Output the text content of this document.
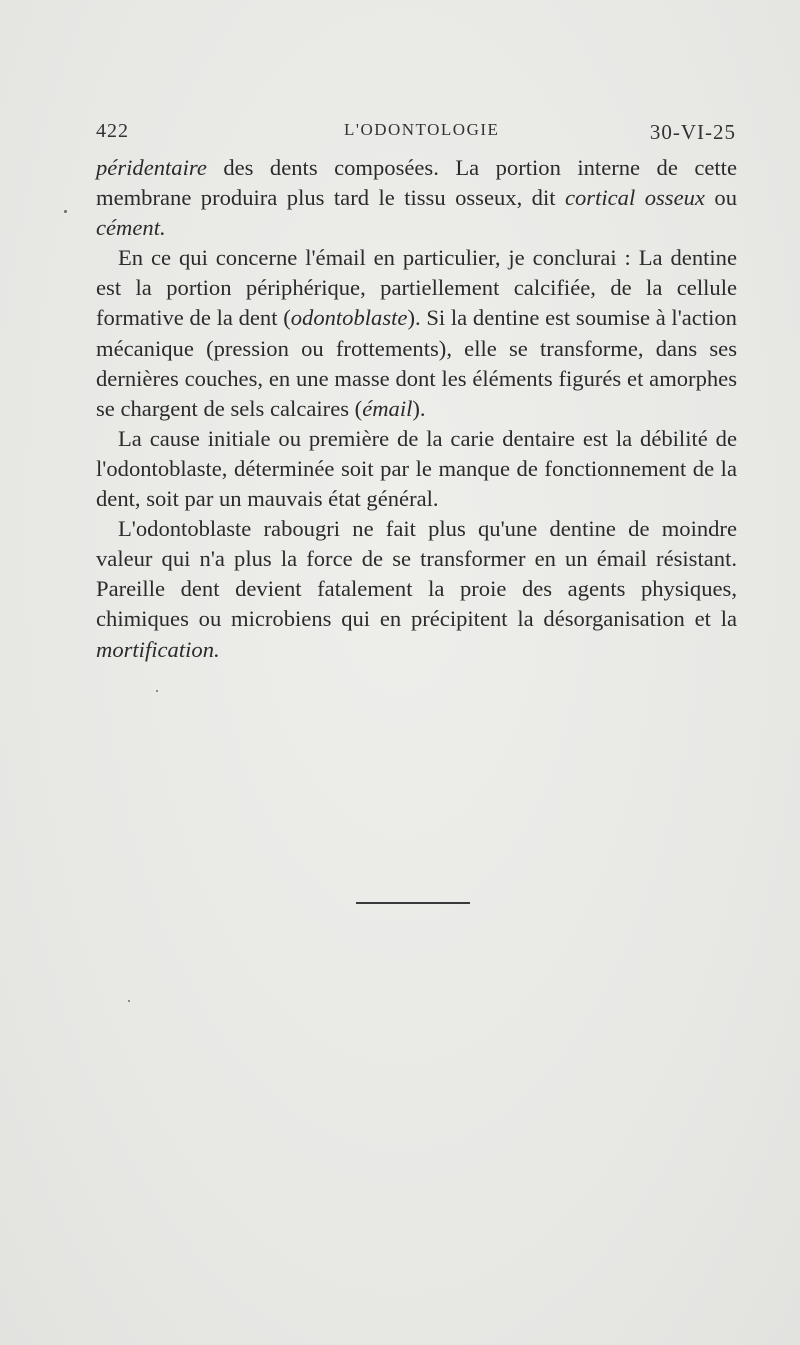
422	L'ODONTOLOGIE	30-VI-25

péridentaire des dents composées. La portion interne de cette membrane produira plus tard le tissu osseux, dit cortical osseux ou cément.

En ce qui concerne l'émail en particulier, je conclurai : La dentine est la portion périphérique, partiellement calcifiée, de la cellule formative de la dent (odontoblaste). Si la dentine est soumise à l'action mécanique (pression ou frottements), elle se transforme, dans ses dernières couches, en une masse dont les éléments figurés et amorphes se chargent de sels calcaires (émail).

La cause initiale ou première de la carie dentaire est la débilité de l'odontoblaste, déterminée soit par le manque de fonctionnement de la dent, soit par un mauvais état général.

L'odontoblaste rabougri ne fait plus qu'une dentine de moindre valeur qui n'a plus la force de se transformer en un émail résistant. Pareille dent devient fatalement la proie des agents physiques, chimiques ou microbiens qui en précipitent la désorganisation et la mortification.
